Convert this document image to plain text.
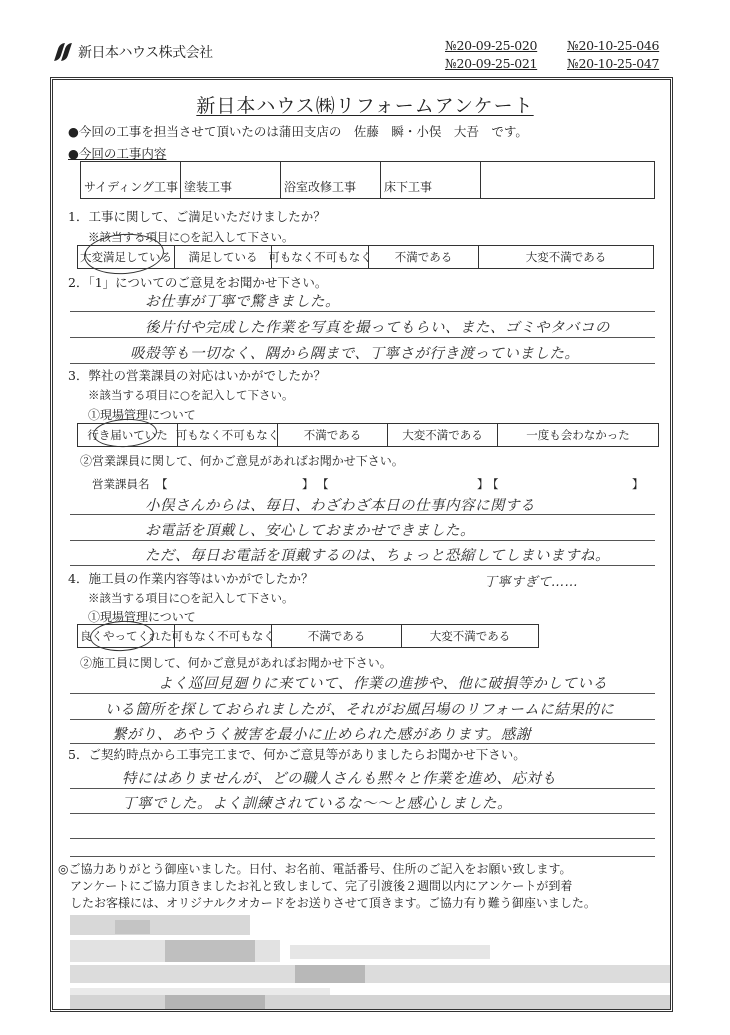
新日本ハウス株式会社	№20-09-25-020	№20-10-25-046
№20-09-25-021	№20-10-25-047
新日本ハウス㈱リフォームアンケート
●今回の工事を担当させて頂いたのは蒲田支店の　佐藤　瞬・小俣　大吾　です。
●今回の工事内容
サイディング工事 塗装工事	浴室改修工事	床下工事
1．工事に関して、ご満足いただけましたか？
※該当する項目に○を記入して下さい。
大変満足している	満足している 可もなく不可もなく	不満である	大変不満である
2．「1」についてのご意見をお聞かせ下さい。
お仕事が丁寧で驚きました。
後片付や完成した作業を写真を撮ってもらい、また、ゴミやタバコの
吸殻等も一切なく、隅から隅まで、丁寧さが行き渡っていました。
3．弊社の営業課員の対応はいかがでしたか？
※該当する項目に○を記入して下さい。
①現場管理について
行き届いていた 可もなく不可もなく	不満である	大変不満である	一度も会わなかった
②営業課員に関して、何かご意見があればお聞かせ下さい。
営業課員名 【	】 【	】
【	】
小俣さんからは、毎日、わざわざ本日の仕事内容に関する
お電話を頂戴し、安心しておまかせできました。
ただ、毎日お電話を頂戴するのは、ちょっと恐縮してしまいますね。
4．施工員の作業内容等はいかがでしたか？	丁寧すぎて……
※該当する項目に○を記入して下さい。
①現場管理について
良くやってくれた 可もなく不可もなく	不満である	大変不満である
②施工員に関して、何かご意見があればお聞かせ下さい。
よく巡回見廻りに来ていて、作業の進捗や、他に破損等かしている
いる箇所を探しておられましたが、それがお風呂場のリフォームに結果的に
繋がり、あやうく被害を最小に止められた感があります。感謝
5．ご契約時点から工事完工まで、何かご意見等がありましたらお聞かせ下さい。
特にはありませんが、どの職人さんも黙々と作業を進め、応対も
丁寧でした。よく訓練されているな～～と感心しました。
◎ご協力ありがとう御座いました。日付、お名前、電話番号、住所のご記入をお願い致します。
　アンケートにご協力頂きましたお礼と致しまして、完了引渡後２週間以内にアンケートが到着
　したお客様には、オリジナルクオカードをお送りさせて頂きます。ご協力有り難う御座いました。
